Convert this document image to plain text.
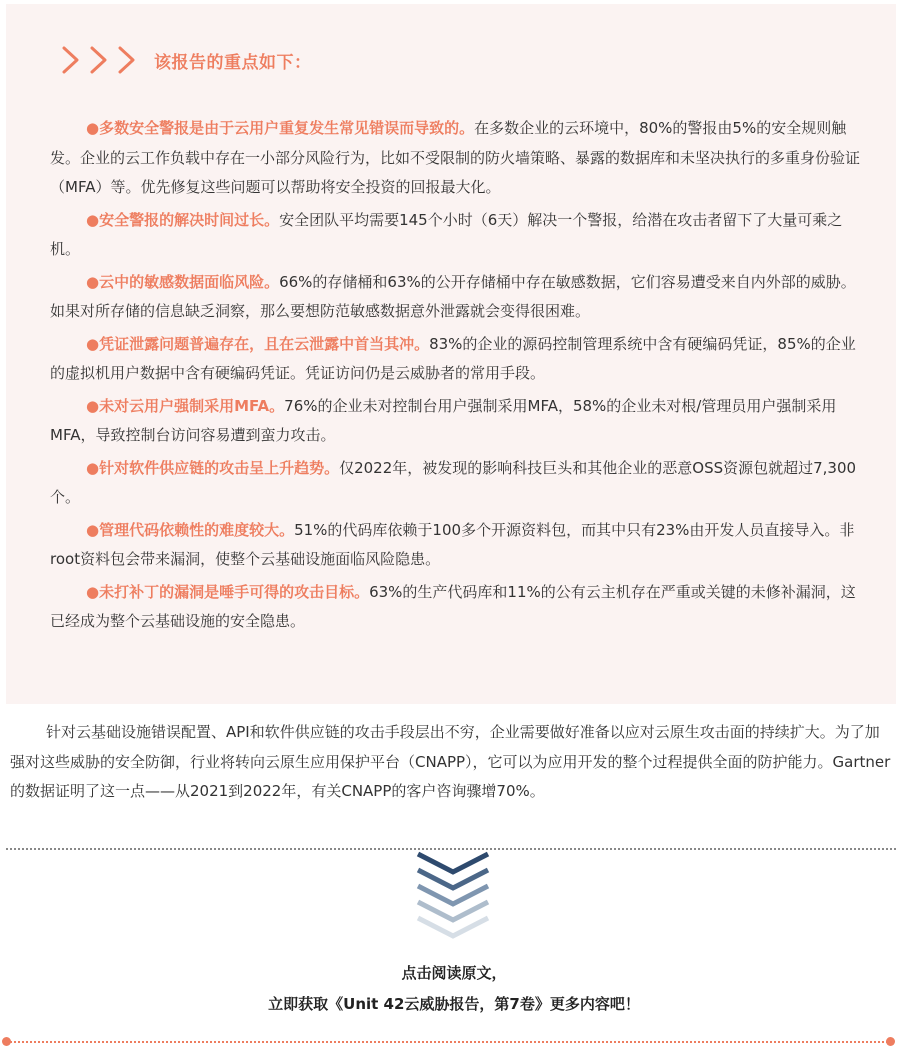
该报告的重点如下：

●多数安全警报是由于云用户重复发生常见错误而导致的。在多数企业的云环境中，80%的警报由5%的安全规则触发。企业的云工作负载中存在一小部分风险行为，比如不受限制的防火墙策略、暴露的数据库和未坚决执行的多重身份验证（MFA）等。优先修复这些问题可以帮助将安全投资的回报最大化。

●安全警报的解决时间过长。安全团队平均需要145个小时（6天）解决一个警报，给潜在攻击者留下了大量可乘之机。

●云中的敏感数据面临风险。66%的存储桶和63%的公开存储桶中存在敏感数据，它们容易遭受来自内外部的威胁。如果对所存储的信息缺乏洞察，那么要想防范敏感数据意外泄露就会变得很困难。

●凭证泄露问题普遍存在，且在云泄露中首当其冲。83%的企业的源码控制管理系统中含有硬编码凭证，85%的企业的虚拟机用户数据中含有硬编码凭证。凭证访问仍是云威胁者的常用手段。

●未对云用户强制采用MFA。76%的企业未对控制台用户强制采用MFA，58%的企业未对根/管理员用户强制采用MFA，导致控制台访问容易遭到蛮力攻击。

●针对软件供应链的攻击呈上升趋势。仅2022年，被发现的影响科技巨头和其他企业的恶意OSS资源包就超过7,300个。

●管理代码依赖性的难度较大。51%的代码库依赖于100多个开源资料包，而其中只有23%由开发人员直接导入。非root资料包会带来漏洞，使整个云基础设施面临风险隐患。

●未打补丁的漏洞是唾手可得的攻击目标。63%的生产代码库和11%的公有云主机存在严重或关键的未修补漏洞，这已经成为整个云基础设施的安全隐患。

针对云基础设施错误配置、API和软件供应链的攻击手段层出不穷，企业需要做好准备以应对云原生攻击面的持续扩大。为了加强对这些威胁的安全防御，行业将转向云原生应用保护平台（CNAPP），它可以为应用开发的整个过程提供全面的防护能力。Gartner的数据证明了这一点——从2021到2022年，有关CNAPP的客户咨询骤增70%。

点击阅读原文，
立即获取《Unit 42云威胁报告，第7卷》更多内容吧！
